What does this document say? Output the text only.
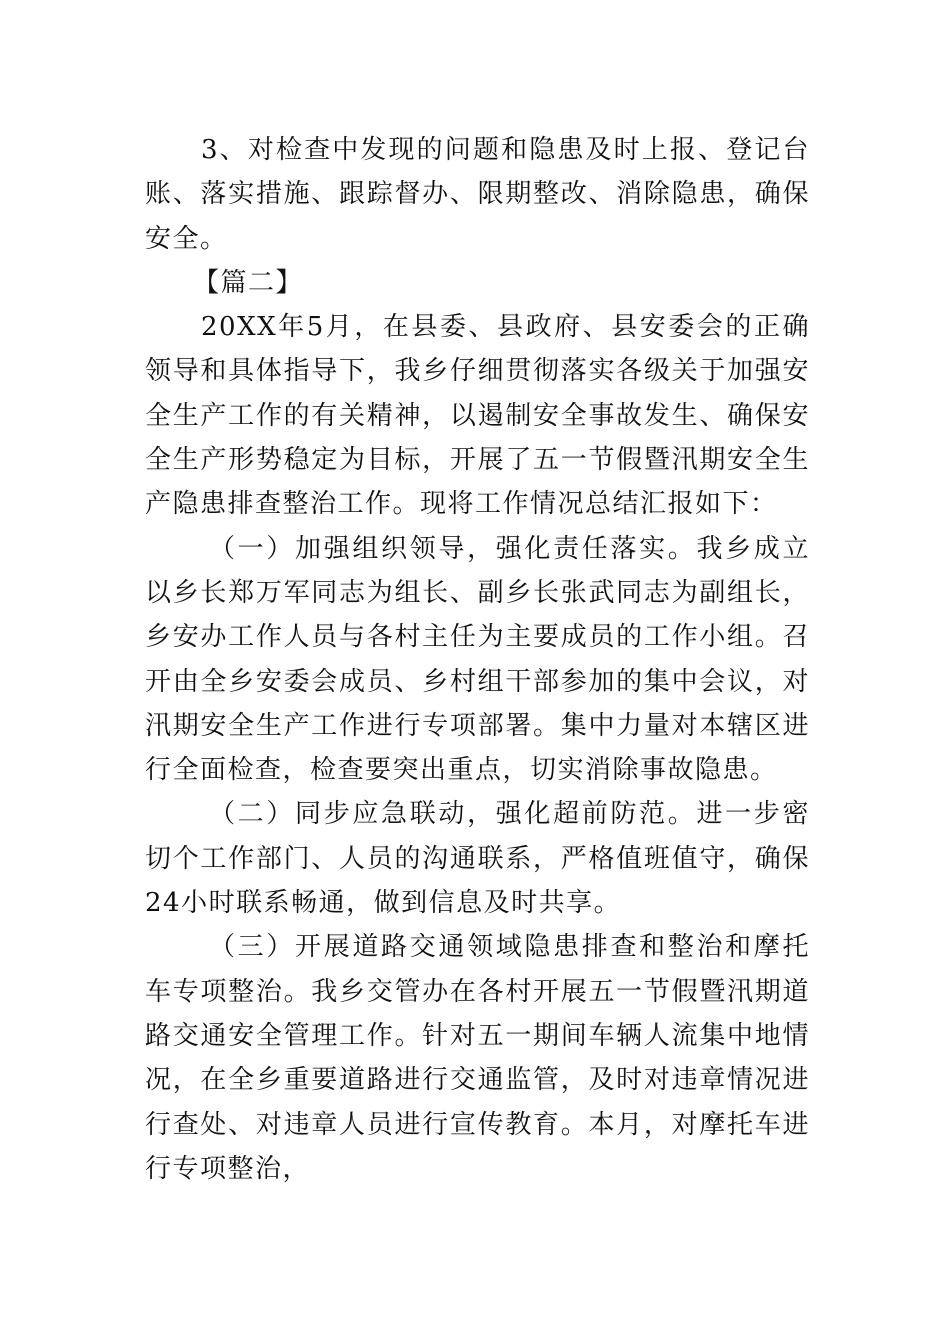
3、对检查中发现的问题和隐患及时上报、登记台账、落实措施、跟踪督办、限期整改、消除隐患，确保安全。

【篇二】

20XX年5月，在县委、县政府、县安委会的正确领导和具体指导下，我乡仔细贯彻落实各级关于加强安全生产工作的有关精神，以遏制安全事故发生、确保安全生产形势稳定为目标，开展了五一节假暨汛期安全生产隐患排查整治工作。现将工作情况总结汇报如下：

（一）加强组织领导，强化责任落实。我乡成立以乡长郑万军同志为组长、副乡长张武同志为副组长，乡安办工作人员与各村主任为主要成员的工作小组。召开由全乡安委会成员、乡村组干部参加的集中会议，对汛期安全生产工作进行专项部署。集中力量对本辖区进行全面检查，检查要突出重点，切实消除事故隐患。

（二）同步应急联动，强化超前防范。进一步密切个工作部门、人员的沟通联系，严格值班值守，确保24小时联系畅通，做到信息及时共享。

（三）开展道路交通领域隐患排查和整治和摩托车专项整治。我乡交管办在各村开展五一节假暨汛期道路交通安全管理工作。针对五一期间车辆人流集中地情况，在全乡重要道路进行交通监管，及时对违章情况进行查处、对违章人员进行宣传教育。本月，对摩托车进行专项整治，
